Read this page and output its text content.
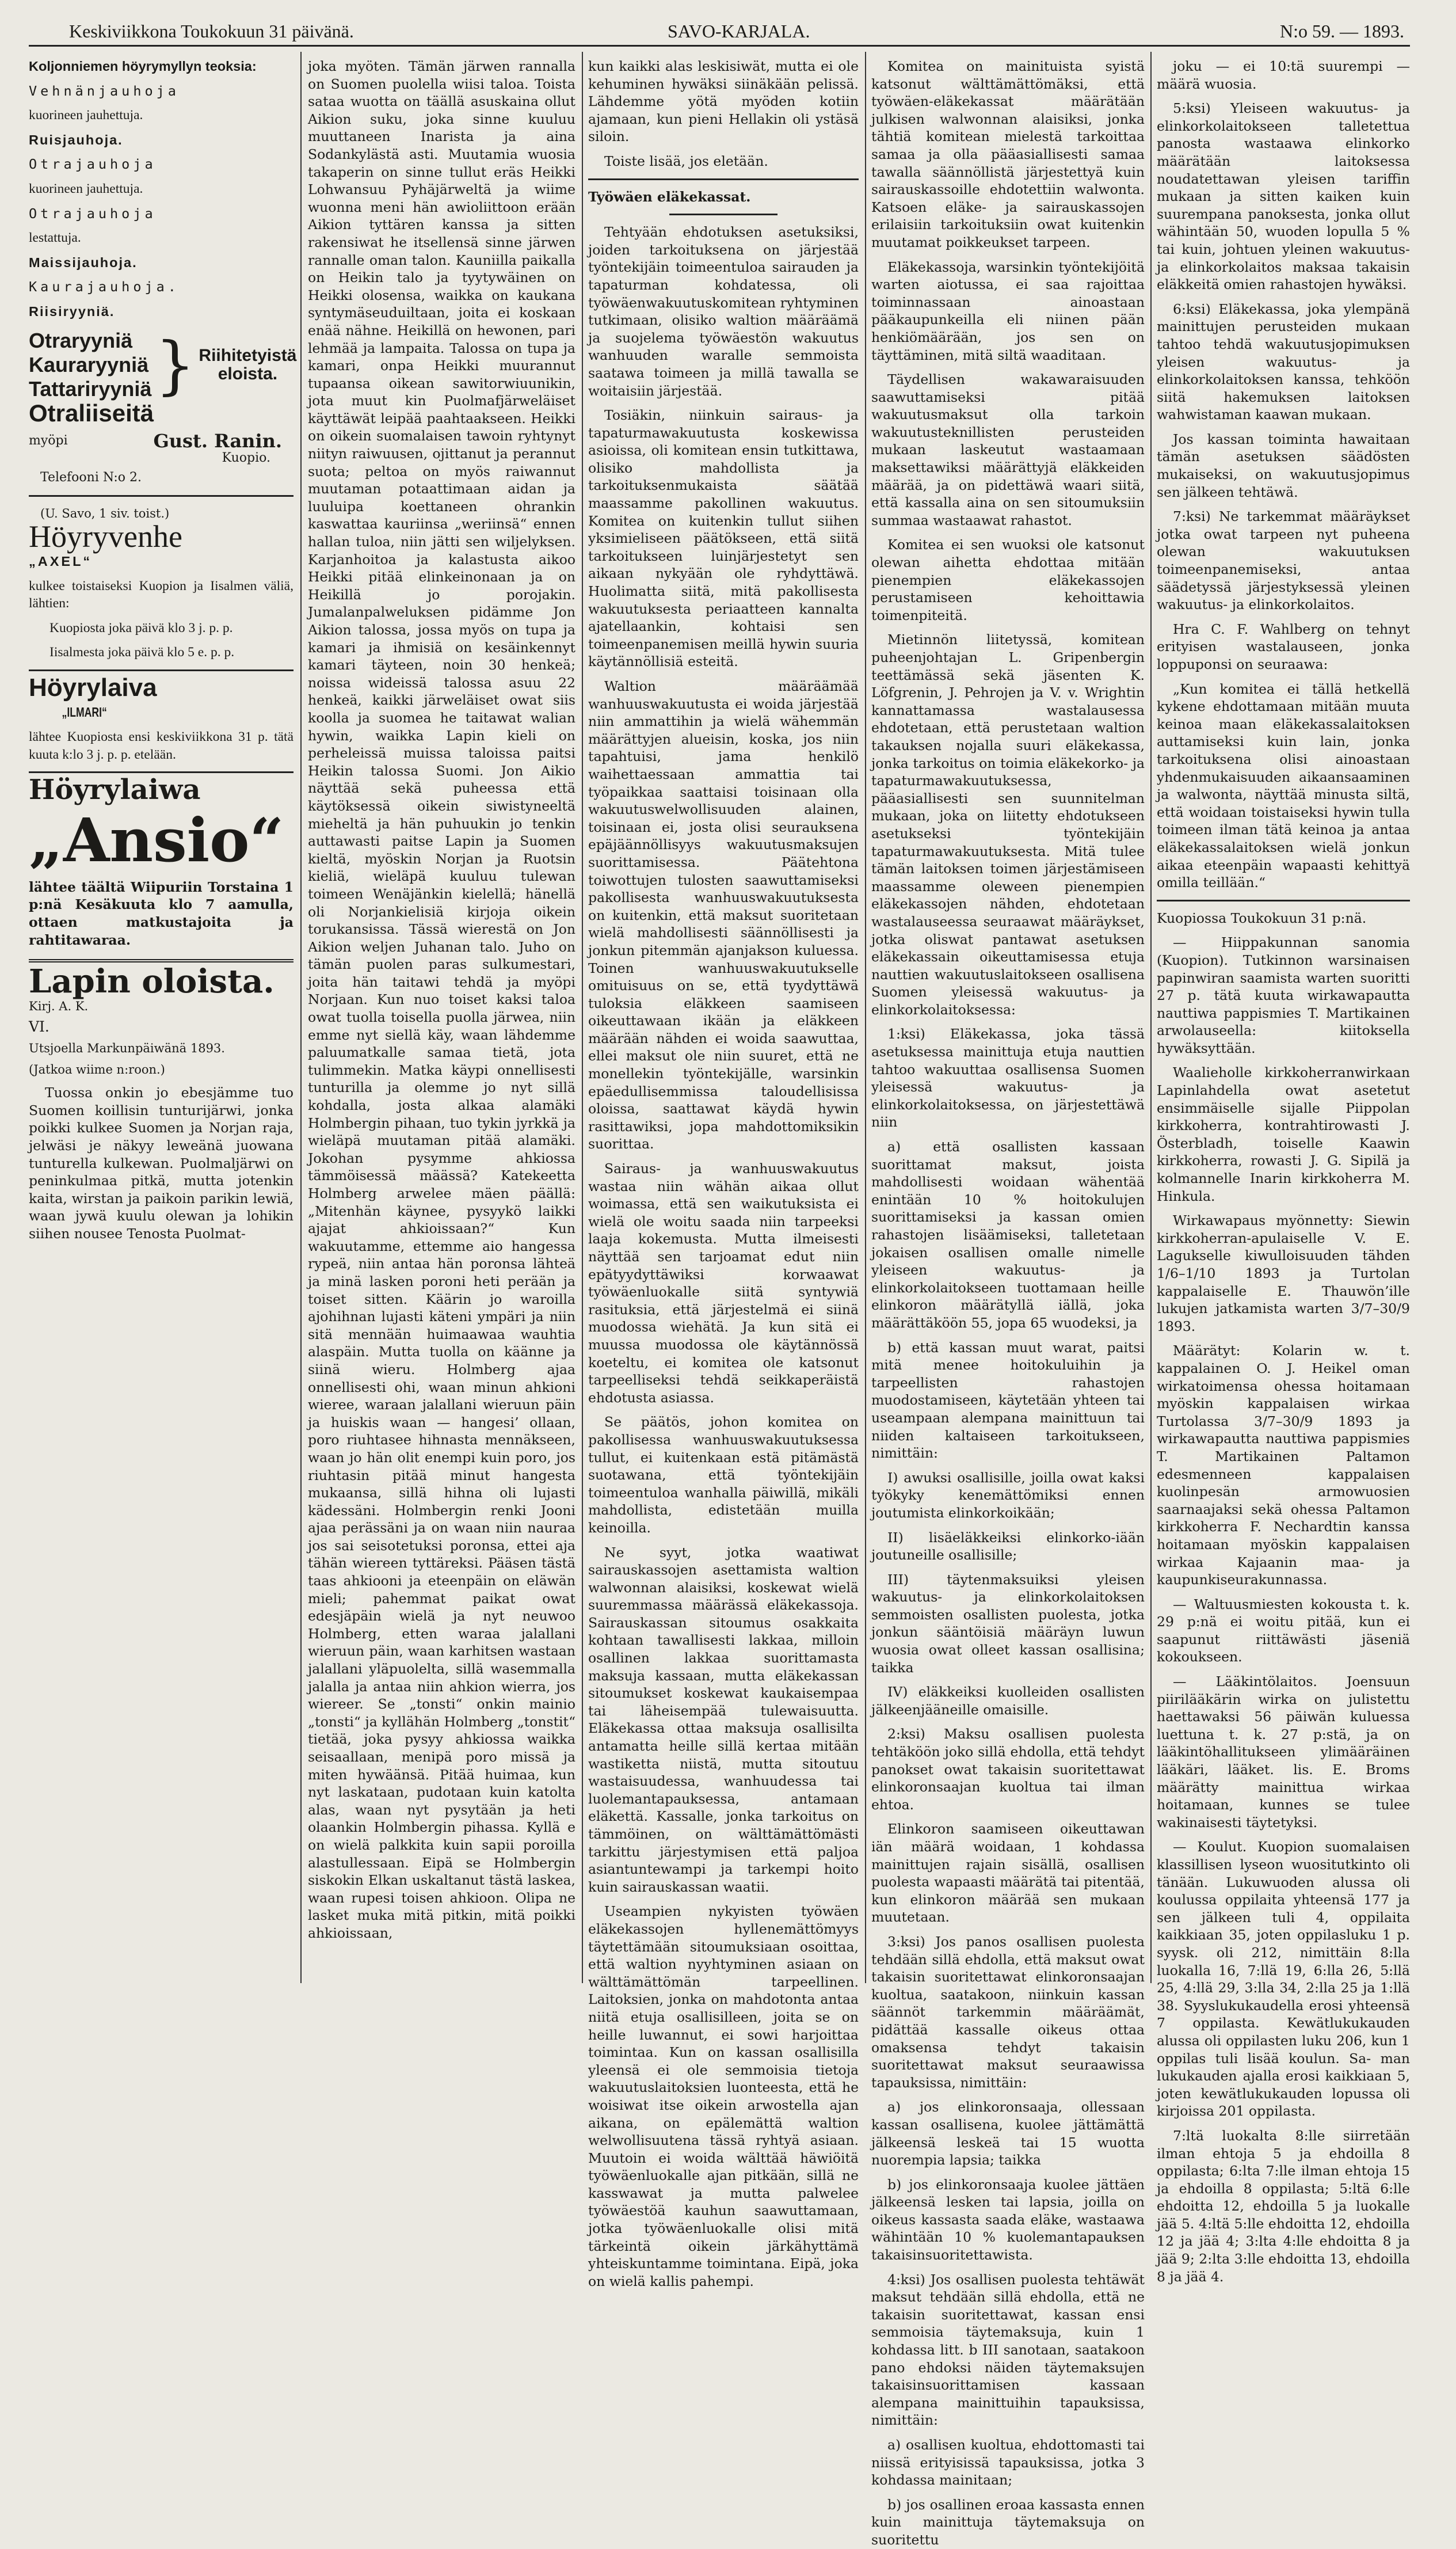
Keskiviikkona Toukokuun 31 päivänä.	SAVO-KARJALA.	N:o 59. — 1893.

Koljonniemen höyrymyllyn teoksia:

Vehnänjauhoja

kuorineen jauhettuja.

Ruisjauhoja.

Otrajauhoja

kuorineen jauhettuja.

Otrajauhoja

lestattuja.

Maissijauhoja.

Kaurajauhoja.

Riisiryyniä.

Otraryyniä
Kauraryyniä
Tattariryyniä } Riihitetyistä eloista.

Otraliiseitä

myöpi	Gust. Ranin.
Kuopio.

Telefooni N:o 2.

(U. Savo, 1 siv. toist.)

Höyryvenhe

„AXEL“

kulkee toistaiseksi Kuopion ja Iisalmen väliä, lähtien:

Kuopiosta joka päivä klo 3 j. p. p.

Iisalmesta joka päivä klo 5 e. p. p.

Höyrylaiva

„ILMARI“

lähtee Kuopiosta ensi keskiviikkona 31 p. tätä kuuta k:lo 3 j. p. p. etelään.

Höyrylaiwa

„Ansio“

lähtee täältä Wiipuriin Torstaina 1 p:nä Kesäkuuta klo 7 aamulla, ottaen matkustajoita ja rahtitawaraa.

Lapin oloista.

Kirj. A. K.

VI.

Utsjoella Markunpäiwänä 1893.

(Jatkoa wiime n:roon.)

Tuossa onkin jo ebesjämme tuo Suomen koillisin tunturijärwi, jonka poikki kulkee Suomen ja Norjan raja, jelwäsi je näkyy leweänä juowana tunturella kulkewan. Puolmaljärwi on peninkulmaa pitkä, mutta jotenkin kaita, wirstan ja paikoin parikin lewiä, waan jywä kuulu olewan ja lohikin siihen nousee Tenosta Puolmat-

joka myöten. Tämän järwen rannalla on Suomen puolella wiisi taloa. Toista sataa wuotta on täällä asuskaina ollut Aikion suku, joka sinne kuuluu muuttaneen Inarista ja aina Sodankylästä asti. Muutamia wuosia takaperin on sinne tullut eräs Heikki Lohwansuu Pyhäjärweltä ja wiime wuonna meni hän awioliittoon erään Aikion tyttären kanssa ja sitten rakensiwat he itsellensä sinne järwen rannalle oman talon. Kauniilla paikalla on Heikin talo ja tyytywäinen on Heikki olosensa, waikka on kaukana syntymäseuduiltaan, joita ei koskaan enää nähne. Heikillä on hewonen, pari lehmää ja lampaita. Talossa on tupa ja kamari, onpa Heikki muurannut tupaansa oikean sawitorwiuunikin, jota muut kin Puolmafjärweläiset käyttäwät leipää paahtaakseen. Heikki on oikein suomalaisen tawoin ryhtynyt niityn raiwuusen, ojittanut ja perannut suota; peltoa on myös raiwannut muutaman potaattimaan aidan ja luuluipa koettaneen ohrankin kaswattaa kauriinsa „weriinsä“ ennen hallan tuloa, niin jätti sen wiljelyksen. Karjanhoitoa ja kalastusta aikoo Heikki pitää elinkeinonaan ja on Heikillä jo porojakin. Jumalanpalweluksen pidämme Jon Aikion talossa, jossa myös on tupa ja kamari ja ihmisiä on kesäinkennyt kamari täyteen, noin 30 henkeä; noissa wideissä talossa asuu 22 henkeä, kaikki järweläiset owat siis koolla ja suomea he taitawat walian hywin, waikka Lapin kieli on perheleissä muissa taloissa paitsi Heikin talossa Suomi. Jon Aikio näyttää sekä puheessa että käytöksessä oikein siwistyneeltä mieheltä ja hän puhuukin jo tenkin auttawasti paitse Lapin ja Suomen kieltä, myöskin Norjan ja Ruotsin kieliä, wieläpä kuuluu tulewan toimeen Wenäjänkin kielellä; hänellä oli Norjankielisiä kirjoja oikein torukansissa. Tässä wierestä on Jon Aikion weljen Juhanan talo. Juho on tämän puolen paras sulkumestari, joita hän taitawi tehdä ja myöpi Norjaan. Kun nuo toiset kaksi taloa owat tuolla toisella puolla järwea, niin emme nyt siellä käy, waan lähdemme paluumatkalle samaa tietä, jota tulimmekin. Matka käypi onnellisesti tunturilla ja olemme jo nyt sillä kohdalla, josta alkaa alamäki Holmbergin pihaan, tuo tykin jyrkkä ja wieläpä muutaman pitää alamäki. Jokohan pysymme ahkiossa tämmöisessä määssä? Katekeetta Holmberg arwelee mäen päällä: „Mitenhän käynee, pysyykö laikki ajajat ahkioissaan?“ Kun wakuutamme, ettemme aio hangessa rypeä, niin antaa hän poronsa lähteä ja minä lasken poroni heti perään ja toiset sitten. Käärin jo waroilla ajohihnan lujasti käteni ympäri ja niin sitä mennään huimaawaa wauhtia alaspäin. Mutta tuolla on käänne ja siinä wieru. Holmberg ajaa onnellisesti ohi, waan minun ahkioni wieree, waraan jalallani wieruun päin ja huiskis waan — hangesi’ ollaan, poro riuhtasee hihnasta mennäkseen, waan jo hän olit enempi kuin poro, jos riuhtasin pitää minut hangesta mukaansa, sillä hihna oli lujasti kädessäni. Holmbergin renki Jooni ajaa perässäni ja on waan niin nauraa jos sai seisotetuksi poronsa, ettei aja tähän wiereen tyttäreksi. Pääsen tästä taas ahkiooni ja eteenpäin on eläwän mieli; pahemmat paikat owat edesjäpäin wielä ja nyt neuwoo Holmberg, etten waraa jalallani wieruun päin, waan karhitsen wastaan jalallani yläpuolelta, sillä wasemmalla jalalla ja antaa niin ahkion wierra, jos wiereer. Se „tonsti“ onkin mainio „tonsti“ ja kyllähän Holmberg „tonstit“ tietää, joka pysyy ahkiossa waikka seisaallaan, menipä poro missä ja miten hywäänsä. Pitää huimaa, kun nyt laskataan, pudotaan kuin katolta alas, waan nyt pysytään ja heti olaankin Holmbergin pihassa. Kyllä e on wielä palkkita kuin sapii poroilla alastullessaan. Eipä se Holmbergin siskokin Elkan uskaltanut tästä laskea, waan rupesi toisen ahkioon. Olipa ne lasket muka mitä pitkin, mitä poikki ahkioissaan,

kun kaikki alas leskisiwät, mutta ei ole kehuminen hywäksi siinäkään pelissä. Lähdemme yötä myöden kotiin ajamaan, kun pieni Hellakin oli ystäsä siloin.

Toiste lisää, jos eletään.

Työwäen eläkekassat.

Tehtyään ehdotuksen asetuksiksi, joiden tarkoituksena on järjestää työntekijäin toimeentuloa sairauden ja tapaturman kohdatessa, oli työwäenwakuutuskomitean ryhtyminen tutkimaan, olisiko waltion määräämä ja suojelema työwäestön wakuutus wanhuuden waralle semmoista saatawa toimeen ja millä tawalla se woitaisiin järjestää.

Tosiäkin, niinkuin sairaus- ja tapaturmawakuutusta koskewissa asioissa, oli komitean ensin tutkittawa, olisiko mahdollista ja tarkoituksenmukaista säätää maassamme pakollinen wakuutus. Komitea on kuitenkin tullut siihen yksimieliseen päätökseen, että siitä tarkoitukseen luinjärjestetyt sen aikaan nykyään ole ryhdyttäwä. Huolimatta siitä, mitä pakollisesta wakuutuksesta periaatteen kannalta ajatellaankin, kohtaisi sen toimeenpanemisen meillä hywin suuria käytännöllisiä esteitä.

Waltion määräämää wanhuuswakuutusta ei woida järjestää niin ammattihin ja wielä wähemmän määrättyjen alueisin, koska, jos niin tapahtuisi, jama henkilö waihettaessaan ammattia tai työpaikkaa saattaisi toisinaan olla wakuutuswelwollisuuden alainen, toisinaan ei, josta olisi seurauksena epäjäännöllisyys wakuutusmaksujen suorittamisessa. Päätehtona toiwottujen tulosten saawuttamiseksi pakollisesta wanhuuswakuutuksesta on kuitenkin, että maksut suoritetaan wielä mahdollisesti säännöllisesti ja jonkun pitemmän ajanjakson kuluessa. Toinen wanhuuswakuutukselle omituisuus on se, että tyydyttäwä tuloksia eläkkeen saamiseen oikeuttawaan ikään ja eläkkeen määrään nähden ei woida saawuttaa, ellei maksut ole niin suuret, että ne monellekin työntekijälle, warsinkin epäedullisemmissa taloudellisissa oloissa, saattawat käydä hywin rasittawiksi, jopa mahdottomiksikin suorittaa.

Sairaus- ja wanhuuswakuutus wastaa niin wähän aikaa ollut woimassa, että sen waikutuksista ei wielä ole woitu saada niin tarpeeksi laaja kokemusta. Mutta ilmeisesti näyttää sen tarjoamat edut niin epätyydyttäwiksi korwaawat työwäenluokalle siitä syntywiä rasituksia, että järjestelmä ei siinä muodossa wiehätä. Ja kun sitä ei muussa muodossa ole käytännössä koeteltu, ei komitea ole katsonut tarpeelliseksi tehdä seikkaperäistä ehdotusta asiassa.

Se päätös, johon komitea on pakollisessa wanhuuswakuutuksessa tullut, ei kuitenkaan estä pitämästä suotawana, että työntekijäin toimeentuloa wanhalla päiwillä, mikäli mahdollista, edistetään muilla keinoilla.

Ne syyt, jotka waatiwat sairauskassojen asettamista waltion walwonnan alaisiksi, koskewat wielä suuremmassa määrässä eläkekassoja. Sairauskassan sitoumus osakkaita kohtaan tawallisesti lakkaa, milloin osallinen lakkaa suorittamasta maksuja kassaan, mutta eläkekassan sitoumukset koskewat kaukaisempaa tai läheisempää tulewaisuutta. Eläkekassa ottaa maksuja osallisilta antamatta heille sillä kertaa mitään wastiketta niistä, mutta sitoutuu wastaisuudessa, wanhuudessa tai luolemantapauksessa, antamaan eläkettä. Kassalle, jonka tarkoitus on tämmöinen, on wälttämättömästi tarkittu järjestymisen että paljoa asiantuntewampi ja tarkempi hoito kuin sairauskassan waatii.

Useampien nykyisten työwäen eläkekassojen hyllenemättömyys täytettämään sitoumuksiaan osoittaa, että waltion nyyhtyminen asiaan on wälttämättömän tarpeellinen. Laitoksien, jonka on mahdotonta antaa niitä etuja osallisilleen, joita se on heille luwannut, ei sowi harjoittaa toimintaa. Kun on kassan osallisilla yleensä ei ole semmoisia tietoja wakuutuslaitoksien luonteesta, että he woisiwat itse oikein arwostella ajan aikana, on epälemättä waltion welwollisuutena tässä ryhtyä asiaan. Muutoin ei woida wälttää häwiöitä työwäenluokalle ajan pitkään, sillä ne kasswawat ja mutta palwelee työwäestöä kauhun saawuttamaan, jotka työwäenluokalle olisi mitä tärkeintä oikein järkähyttämä yhteiskuntamme toimintana. Eipä, joka on wielä kallis pahempi.

Komitea on mainituista syistä katsonut wälttämättömäksi, että työwäen-eläkekassat määrätään julkisen walwonnan alaisiksi, jonka tähtiä komitean mielestä tarkoittaa samaa ja olla pääasiallisesti samaa tawalla säännöllistä järjestettyä kuin sairauskassoille ehdotettiin walwonta. Katsoen eläke- ja sairauskassojen erilaisiin tarkoituksiin owat kuitenkin muutamat poikkeukset tarpeen.

Eläkekassoja, warsinkin työntekijöitä warten aiotussa, ei saa rajoittaa toiminnassaan ainoastaan pääkaupunkeilla eli niinen pään henkiömäärään, jos sen on täyttäminen, mitä siltä waaditaan.

Täydellisen wakawaraisuuden saawuttamiseksi pitää wakuutusmaksut olla tarkoin wakuutusteknillisten perusteiden mukaan laskeutut wastaamaan maksettawiksi määrättyjä eläkkeiden määrää, ja on pidettäwä waari siitä, että kassalla aina on sen sitoumuksiin summaa wastaawat rahastot.

Komitea ei sen wuoksi ole katsonut olewan aihetta ehdottaa mitään pienempien eläkekassojen perustamiseen kehoittawia toimenpiteitä.

Mietinnön liitetyssä, komitean puheenjohtajan L. Gripenbergin teettämässä sekä jäsenten K. Löfgrenin, J. Pehrojen ja V. v. Wrightin kannattamassa wastalausessa ehdotetaan, että perustetaan waltion takauksen nojalla suuri eläkekassa, jonka tarkoitus on toimia eläkekorko- ja tapaturmawakuutuksessa, pääasiallisesti sen suunnitelman mukaan, joka on liitetty ehdotukseen asetukseksi työntekijäin tapaturmawakuutuksesta. Mitä tulee tämän laitoksen toimen järjestämiseen maassamme oleween pienempien eläkekassojen nähden, ehdotetaan wastalauseessa seuraawat määräykset, jotka oliswat pantawat asetuksen eläkekassain oikeuttamisessa etuja nauttien wakuutuslaitokseen osallisena Suomen yleisessä wakuutus- ja elinkorkolaitoksessa:

1:ksi) Eläkekassa, joka tässä asetuksessa mainittuja etuja nauttien tahtoo wakuuttaa osallisensa Suomen yleisessä wakuutus- ja elinkorkolaitoksessa, on järjestettäwä niin

a) että osallisten kassaan suorittamat maksut, joista mahdollisesti woidaan wähentää enintään 10 % hoitokulujen suorittamiseksi ja kassan omien rahastojen lisäämiseksi, talletetaan jokaisen osallisen omalle nimelle yleiseen wakuutus- ja elinkorkolaitokseen tuottamaan heille elinkoron määrätyllä iällä, joka määrättäköön 55, jopa 65 wuodeksi, ja

b) että kassan muut warat, paitsi mitä menee hoitokuluihin ja tarpeellisten rahastojen muodostamiseen, käytetään yhteen tai useampaan alempana mainittuun tai niiden kaltaiseen tarkoitukseen, nimittäin:

I) awuksi osallisille, joilla owat kaksi työkyky kenemättömiksi ennen joutumista elinkorkoikään;

II) lisäeläkkeiksi elinkorko-iään joutuneille osallisille;

III) täytenmaksuiksi yleisen wakuutus- ja elinkorkolaitoksen semmoisten osallisten puolesta, jotka jonkun sääntöisiä määräyn luwun wuosia owat olleet kassan osallisina; taikka

IV) eläkkeiksi kuolleiden osallisten jälkeenjääneille omaisille.

2:ksi) Maksu osallisen puolesta tehtäköön joko sillä ehdolla, että tehdyt panokset owat takaisin suoritettawat elinkoronsaajan kuoltua tai ilman ehtoa.

Elinkoron saamiseen oikeuttawan iän määrä woidaan, 1 kohdassa mainittujen rajain sisällä, osallisen puolesta wapaasti määrätä tai pitentää, kun elinkoron määrää sen mukaan muutetaan.

3:ksi) Jos panos osallisen puolesta tehdään sillä ehdolla, että maksut owat takaisin suoritettawat elinkoronsaajan kuoltua, saatakoon, niinkuin kassan säännöt tarkemmin määräämät, pidättää kassalle oikeus ottaa omaksensa tehdyt takaisin suoritettawat maksut seuraawissa tapauksissa, nimittäin:

a) jos elinkoronsaaja, ollessaan kassan osallisena, kuolee jättämättä jälkeensä leskeä tai 15 wuotta nuorempia lapsia; taikka

b) jos elinkoronsaaja kuolee jättäen jälkeensä lesken tai lapsia, joilla on oikeus kassasta saada eläke, wastaawa wähintään 10 % kuolemantapauksen takaisinsuoritettawista.

4:ksi) Jos osallisen puolesta tehtäwät maksut tehdään sillä ehdolla, että ne takaisin suoritettawat, kassan ensi semmoisia täytemaksuja, kuin 1 kohdassa litt. b III sanotaan, saatakoon pano ehdoksi näiden täytemaksujen takaisinsuorittamisen kassaan alempana mainittuihin tapauksissa, nimittäin:

a) osallisen kuoltua, ehdottomasti tai niissä erityisissä tapauksissa, jotka 3 kohdassa mainitaan;

b) jos osallinen eroaa kassasta ennen kuin mainittuja täytemaksuja on suoritettu

joku — ei 10:tä suurempi — määrä wuosia.

5:ksi) Yleiseen wakuutus- ja elinkorkolaitokseen talletettua panosta wastaawa elinkorko määrätään laitoksessa noudatettawan yleisen tariffin mukaan ja sitten kaiken kuin suurempana panoksesta, jonka ollut wähintään 50, wuoden lopulla 5 % tai kuin, johtuen yleinen wakuutus- ja elinkorkolaitos maksaa takaisin eläkkeitä omien rahastojen hywäksi.

6:ksi) Eläkekassa, joka ylempänä mainittujen perusteiden mukaan tahtoo tehdä wakuutusjopimuksen yleisen wakuutus- ja elinkorkolaitoksen kanssa, tehköön siitä hakemuksen laitoksen wahwistaman kaawan mukaan.

Jos kassan toiminta hawaitaan tämän asetuksen säädösten mukaiseksi, on wakuutusjopimus sen jälkeen tehtäwä.

7:ksi) Ne tarkemmat määräykset jotka owat tarpeen nyt puheena olewan wakuutuksen toimeenpanemiseksi, antaa säädetyssä järjestyksessä yleinen wakuutus- ja elinkorkolaitos.

Hra C. F. Wahlberg on tehnyt erityisen wastalauseen, jonka loppuponsi on seuraawa:

„Kun komitea ei tällä hetkellä kykene ehdottamaan mitään muuta keinoa maan eläkekassalaitoksen auttamiseksi kuin lain, jonka tarkoituksena olisi ainoastaan yhdenmukaisuuden aikaansaaminen ja walwonta, näyttää minusta siltä, että woidaan toistaiseksi hywin tulla toimeen ilman tätä keinoa ja antaa eläkekassalaitoksen wielä jonkun aikaa eteenpäin wapaasti kehittyä omilla teillään.“

Kuopiossa Toukokuun 31 p:nä.

— Hiippakunnan sanomia (Kuopion). Tutkinnon warsinaisen papinwiran saamista warten suoritti 27 p. tätä kuuta wirkawapautta nauttiwa pappismies T. Martikainen arwolauseella: kiitoksella hywäksyttään.

Waalieholle kirkkoherranwirkaan Lapinlahdella owat asetetut ensimmäiselle sijalle Piippolan kirkkoherra, kontrahtirowasti J. Österbladh, toiselle Kaawin kirkkoherra, rowasti J. G. Sipilä ja kolmannelle Inarin kirkkoherra M. Hinkula.

Wirkawapaus myönnetty: Siewin kirkkoherran-apulaiselle V. E. Lagukselle kiwulloisuuden tähden 1/6–1/10 1893 ja Turtolan kappalaiselle E. Thauwön’ille lukujen jatkamista warten 3/7–30/9 1893.

Määrätyt: Kolarin w. t. kappalainen O. J. Heikel oman wirkatoimensa ohessa hoitamaan myöskin kappalaisen wirkaa Turtolassa 3/7–30/9 1893 ja wirkawapautta nauttiwa pappismies T. Martikainen Paltamon edesmenneen kappalaisen kuolinpesän armowuosien saarnaajaksi sekä ohessa Paltamon kirkkoherra F. Nechardtin kanssa hoitamaan myöskin kappalaisen wirkaa Kajaanin maa- ja kaupunkiseurakunnassa.

— Waltuusmiesten kokousta t. k. 29 p:nä ei woitu pitää, kun ei saapunut riittäwästi jäseniä kokoukseen.

— Lääkintölaitos. Joensuun piirilääkärin wirka on julistettu haettawaksi 56 päiwän kuluessa luettuna t. k. 27 p:stä, ja on lääkintöhallitukseen ylimääräinen lääkäri, lääket. lis. E. Broms määrätty mainittua wirkaa hoitamaan, kunnes se tulee wakinaisesti täytetyksi.

— Koulut. Kuopion suomalaisen klassillisen lyseon wuositutkinto oli tänään. Lukuwuoden alussa oli koulussa oppilaita yhteensä 177 ja sen jälkeen tuli 4, oppilaita kaikkiaan 35, joten oppilasluku 1 p. syysk. oli 212, nimittäin 8:lla luokalla 16, 7:llä 19, 6:lla 26, 5:llä 25, 4:llä 29, 3:lla 34, 2:lla 25 ja 1:llä 38. Syyslukukaudella erosi yhteensä 7 oppilasta. Kewätlukukauden alussa oli oppilasten luku 206, kun 1 oppilas tuli lisää koulun. Sa- man lukukauden ajalla erosi kaikkiaan 5, joten kewätlukukauden lopussa oli kirjoissa 201 oppilasta.

7:ltä luokalta 8:lle siirretään ilman ehtoja 5 ja ehdoilla 8 oppilasta; 6:lta 7:lle ilman ehtoja 15 ja ehdoilla 8 oppilasta; 5:ltä 6:lle ehdoitta 12, ehdoilla 5 ja luokalle jää 5. 4:ltä 5:lle ehdoitta 12, ehdoilla 12 ja jää 4; 3:lta 4:lle ehdoitta 8 ja jää 9; 2:lta 3:lle ehdoitta 13, ehdoilla 8 ja jää 4.
